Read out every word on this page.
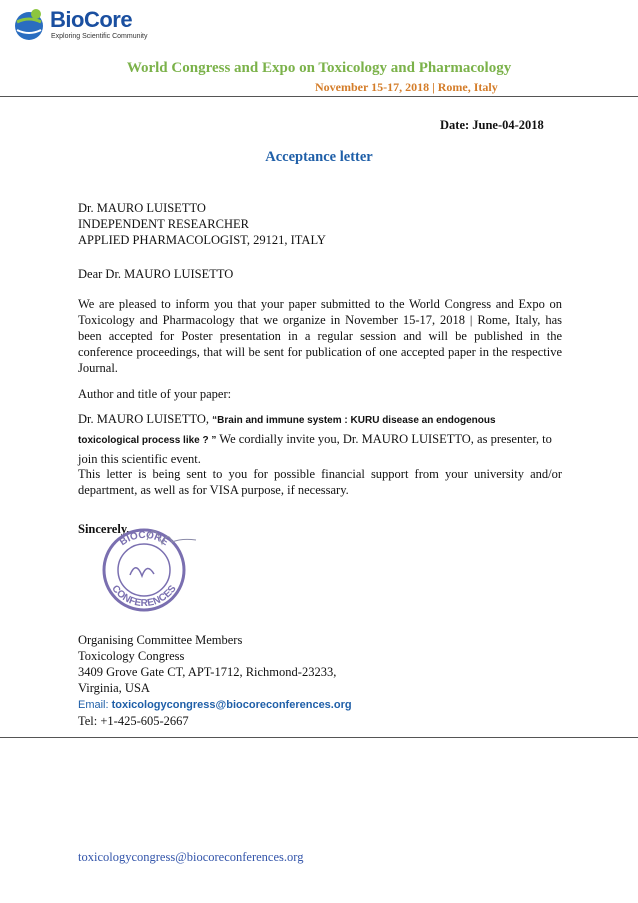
BioCore
Exploring Scientific Community
World Congress and Expo on Toxicology and Pharmacology
November 15-17, 2018 | Rome, Italy
Date: June-04-2018
Acceptance letter
Dr. MAURO LUISETTO
INDEPENDENT RESEARCHER
APPLIED PHARMACOLOGIST, 29121, ITALY
Dear Dr. MAURO LUISETTO
We are pleased to inform you that your paper submitted to the World Congress and Expo on Toxicology and Pharmacology that we organize in November 15-17, 2018 | Rome, Italy, has been accepted for Poster presentation in a regular session and will be published in the conference proceedings, that will be sent for publication of one accepted paper in the respective Journal.
Author and title of your paper:
Dr. MAURO LUISETTO, “Brain and immune system : KURU disease an endogenous
toxicological process like ? ” We cordially invite you, Dr. MAURO LUISETTO, as presenter, to join this scientific event.
This letter is being sent to you for possible financial support from your university and/or department, as well as for VISA purpose, if necessary.
Sincerely,
BIOCORE
CONFERENCES
Organising Committee Members
Toxicology Congress
3409 Grove Gate CT, APT-1712, Richmond-23233,
Virginia, USA
Email: toxicologycongress@biocoreconferences.org
Tel: +1-425-605-2667
toxicologycongress@biocoreconferences.org
